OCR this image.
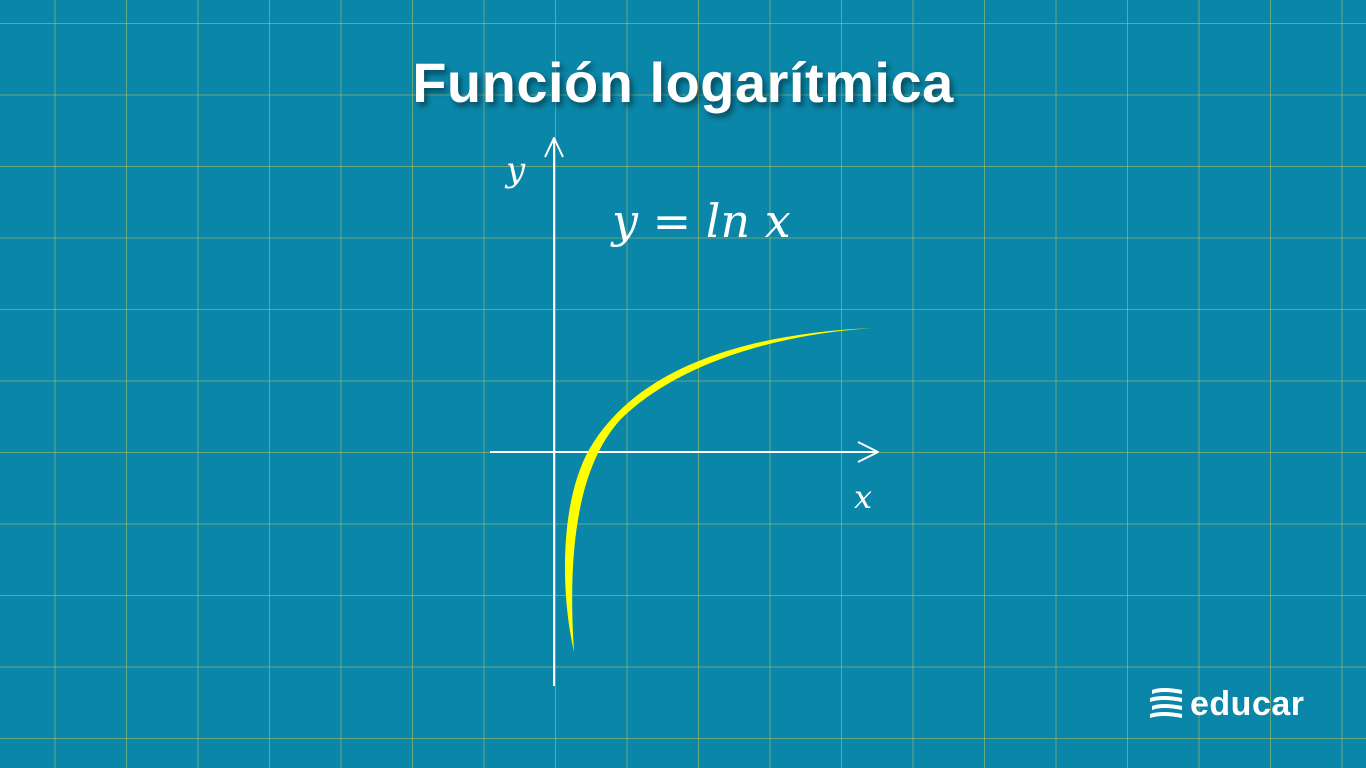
Función logarítmica
y
x
y = ln x
educar
